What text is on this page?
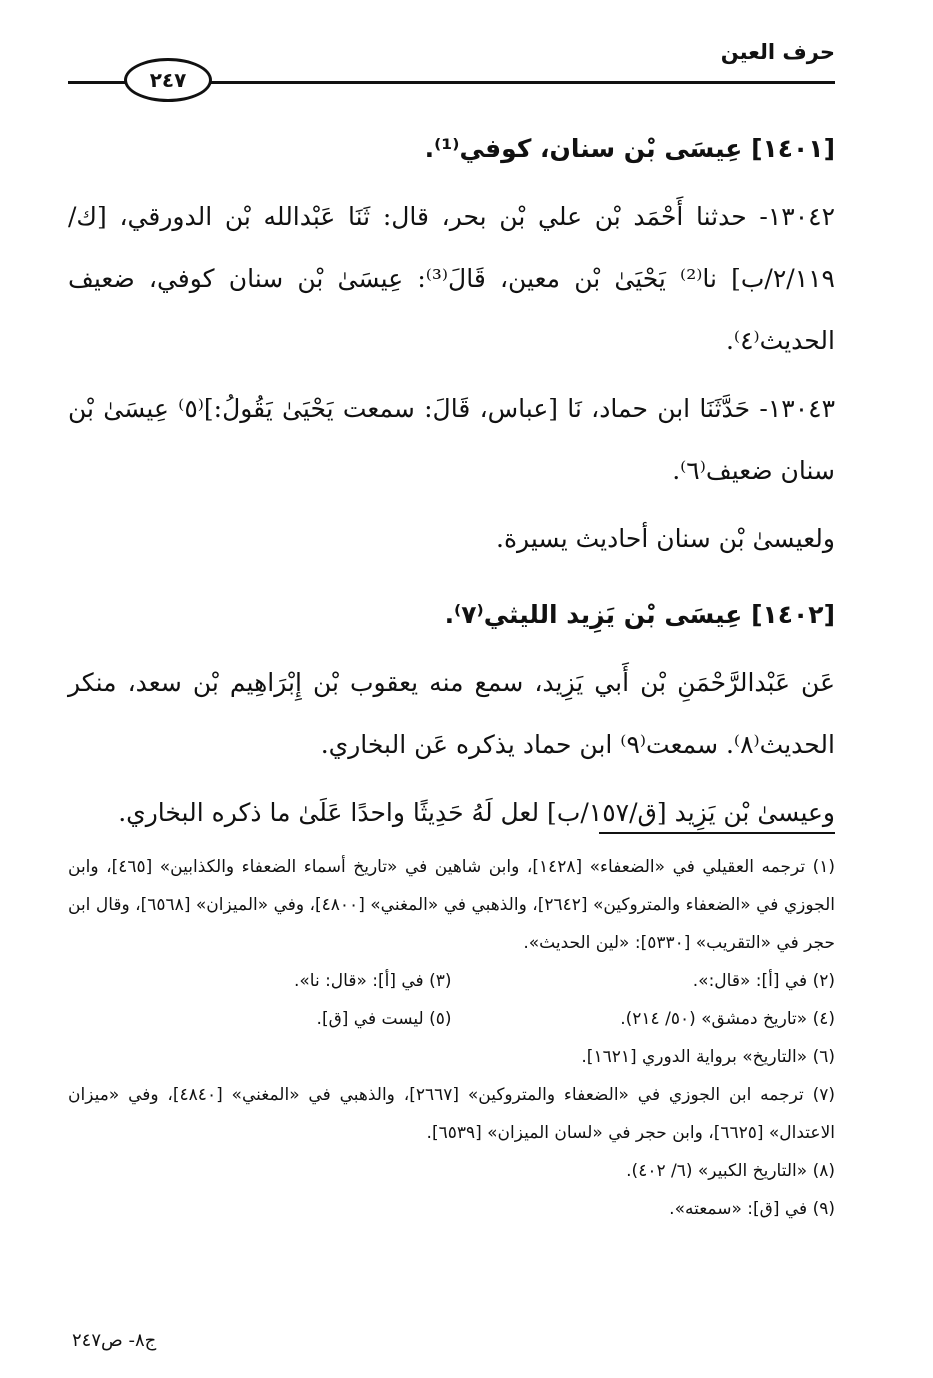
حرف العين
٢٤٧

[١٤٠١] عِيسَى بْن سنان، كوفي⁽¹⁾.

١٣٠٤٢- حدثنا أَحْمَد بْن علي بْن بحر، قال: ثَنَا عَبْدالله بْن الدورقي، [ك/٢/١١٩/ب] نا⁽²⁾ يَحْيَىٰ بْن معين، قَالَ⁽³⁾: عِيسَىٰ بْن سنان كوفي، ضعيف الحديث⁽٤⁾.

١٣٠٤٣- حَدَّثَنَا ابن حماد، نَا [عباس، قَالَ: سمعت يَحْيَىٰ يَقُولُ:]⁽٥⁾ عِيسَىٰ بْن سنان ضعيف⁽٦⁾.

ولعيسىٰ بْن سنان أحاديث يسيرة.

[١٤٠٢] عِيسَى بْن يَزِيد الليثي⁽٧⁾.

عَن عَبْدالرَّحْمَنِ بْن أَبي يَزِيد، سمع منه يعقوب بْن إِبْرَاهِيم بْن سعد، منكر الحديث⁽٨⁾. سمعت⁽٩⁾ ابن حماد يذكره عَن البخاري.

وعيسىٰ بْن يَزِيد [ق/١٥٧/ب] لعل لَهُ حَدِيثًا واحدًا عَلَىٰ ما ذكره البخاري.

(١) ترجمه العقيلي في «الضعفاء» [١٤٢٨]، وابن شاهين في «تاريخ أسماء الضعفاء والكذابين» [٤٦٥]، وابن الجوزي في «الضعفاء والمتروكين» [٢٦٤٢]، والذهبي في «المغني» [٤٨٠٠]، وفي «الميزان» [٦٥٦٨]، وقال ابن حجر في «التقريب» [٥٣٣٠]: «لين الحديث».

(٢) في [أ]: «قال:».

(٣) في [أ]: «قال: نا».

(٤) «تاريخ دمشق» (٥٠/ ٢١٤).

(٥) ليست في [ق].

(٦) «التاريخ» برواية الدوري [١٦٢١].

(٧) ترجمه ابن الجوزي في «الضعفاء والمتروكين» [٢٦٦٧]، والذهبي في «المغني» [٤٨٤٠]، وفي «ميزان الاعتدال» [٦٦٢٥]، وابن حجر في «لسان الميزان» [٦٥٣٩].

(٨) «التاريخ الكبير» (٦/ ٤٠٢).

(٩) في [ق]: «سمعته».

ج٨- ص٢٤٧
